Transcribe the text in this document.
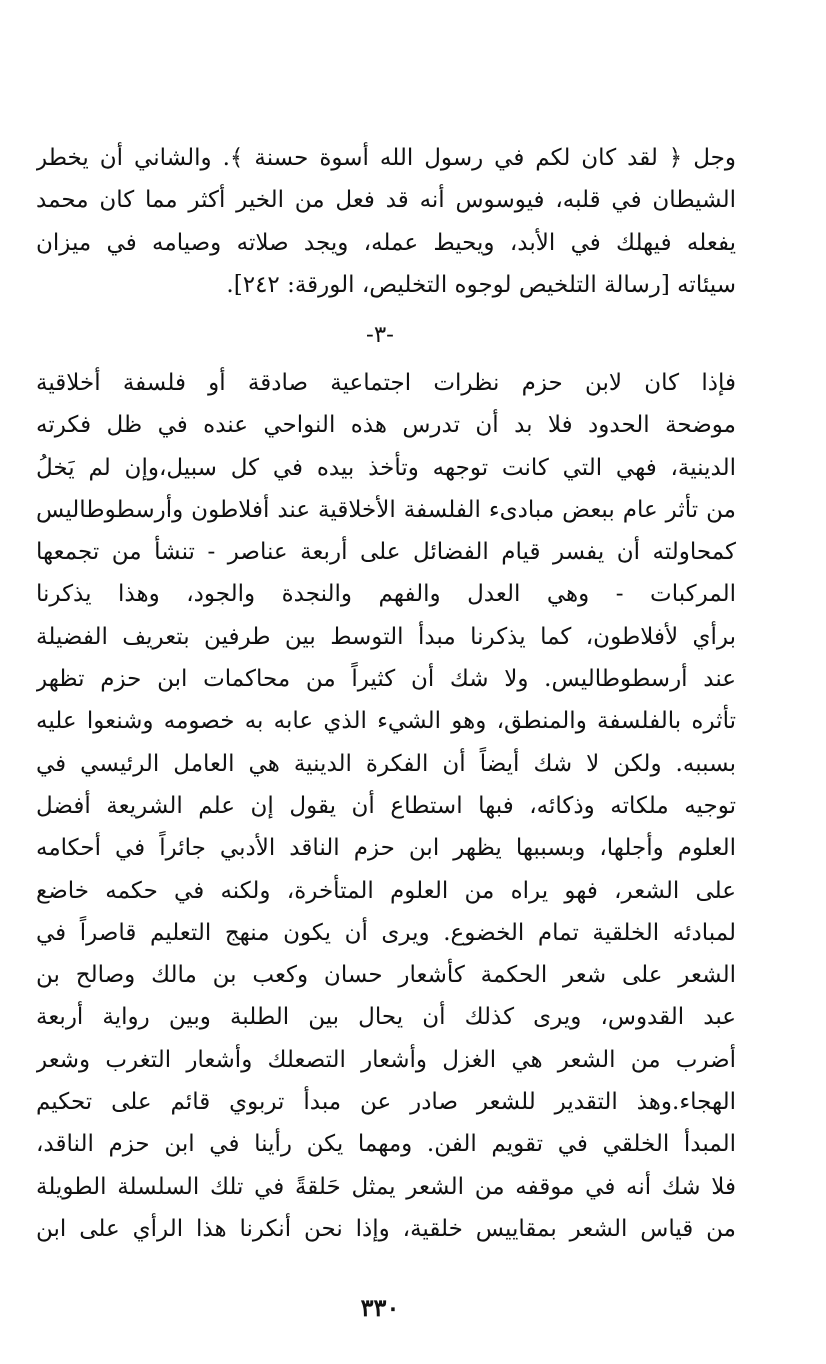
وجل ﴿ لقد كان لكم في رسول الله أسوة حسنة ﴾. والشاني أن يخطر
الشيطان في قلبه، فيوسوس أنه قد فعل من الخير أكثر مما كان محمد
يفعله فيهلك في الأبد، ويحيط عمله، ويجد صلاته وصيامه في ميزان
سيئاته [رسالة التلخيص لوجوه التخليص، الورقة: ٢٤٢].
-٣-
فإذا كان لابن حزم نظرات اجتماعية صادقة أو فلسفة أخلاقية
موضحة الحدود فلا بد أن تدرس هذه النواحي عنده في ظل فكرته
الدينية، فهي التي كانت توجهه وتأخذ بيده في كل سبيل،وإن لم يَخلُ
من تأثر عام ببعض مبادىء الفلسفة الأخلاقية عند أفلاطون وأرسطوطاليس
كمحاولته أن يفسر قيام الفضائل على أربعة عناصر - تنشأ من تجمعها
المركبات - وهي العدل والفهم والنجدة والجود، وهذا يذكرنا
برأي لأفلاطون، كما يذكرنا مبدأ التوسط بين طرفين بتعريف الفضيلة
عند أرسطوطاليس. ولا شك أن كثيراً من محاكمات ابن حزم تظهر
تأثره بالفلسفة والمنطق، وهو الشيء الذي عابه به خصومه وشنعوا عليه
بسببه. ولكن لا شك أيضاً أن الفكرة الدينية هي العامل الرئيسي في
توجيه ملكاته وذكائه، فبها استطاع أن يقول إن علم الشريعة أفضل
العلوم وأجلها، وبسببها يظهر ابن حزم الناقد الأدبي جائراً في أحكامه
على الشعر، فهو يراه من العلوم المتأخرة، ولكنه في حكمه خاضع
لمبادئه الخلقية تمام الخضوع. ويرى أن يكون منهج التعليم قاصراً في
الشعر على شعر الحكمة كأشعار حسان وكعب بن مالك وصالح بن
عبد القدوس، ويرى كذلك أن يحال بين الطلبة وبين رواية أربعة
أضرب من الشعر هي الغزل وأشعار التصعلك وأشعار التغرب وشعر
الهجاء.وهذ التقدير للشعر صادر عن مبدأ تربوي قائم على تحكيم
المبدأ الخلقي في تقويم الفن. ومهما يكن رأينا في ابن حزم الناقد،
فلا شك أنه في موقفه من الشعر يمثل حَلقةً في تلك السلسلة الطويلة
من قياس الشعر بمقاييس خلقية، وإذا نحن أنكرنا هذا الرأي على ابن
٣٣٠
